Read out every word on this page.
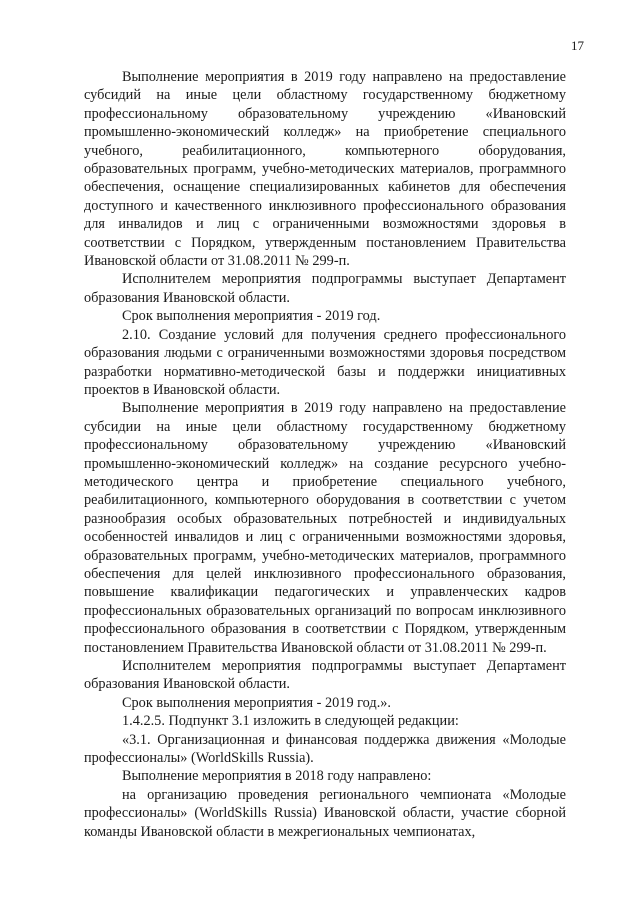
17

Выполнение мероприятия в 2019 году направлено на предоставление субсидий на иные цели областному государственному бюджетному профессиональному образовательному учреждению «Ивановский промышленно-экономический колледж» на приобретение специального учебного, реабилитационного, компьютерного оборудования, образовательных программ, учебно-методических материалов, программного обеспечения, оснащение специализированных кабинетов для обеспечения доступного и качественного инклюзивного профессионального образования для инвалидов и лиц с ограниченными возможностями здоровья в соответствии с Порядком, утвержденным постановлением Правительства Ивановской области от 31.08.2011 № 299-п.

Исполнителем мероприятия подпрограммы выступает Департамент образования Ивановской области.

Срок выполнения мероприятия - 2019 год.

2.10. Создание условий для получения среднего профессионального образования людьми с ограниченными возможностями здоровья посредством разработки нормативно-методической базы и поддержки инициативных проектов в Ивановской области.

Выполнение мероприятия в 2019 году направлено на предоставление субсидии на иные цели областному государственному бюджетному профессиональному образовательному учреждению «Ивановский промышленно-экономический колледж» на создание ресурсного учебно-методического центра и приобретение специального учебного, реабилитационного, компьютерного оборудования в соответствии с учетом разнообразия особых образовательных потребностей и индивидуальных особенностей инвалидов и лиц с ограниченными возможностями здоровья, образовательных программ, учебно-методических материалов, программного обеспечения для целей инклюзивного профессионального образования, повышение квалификации педагогических и управленческих кадров профессиональных образовательных организаций по вопросам инклюзивного профессионального образования в соответствии с Порядком, утвержденным постановлением Правительства Ивановской области от 31.08.2011 № 299-п.

Исполнителем мероприятия подпрограммы выступает Департамент образования Ивановской области.

Срок выполнения мероприятия - 2019 год.».

1.4.2.5. Подпункт 3.1 изложить в следующей редакции:

«3.1. Организационная и финансовая поддержка движения «Молодые профессионалы» (WorldSkills Russia).

Выполнение мероприятия в 2018 году направлено:

на организацию проведения регионального чемпионата «Молодые профессионалы» (WorldSkills Russia) Ивановской области, участие сборной команды Ивановской области в межрегиональных чемпионатах,
